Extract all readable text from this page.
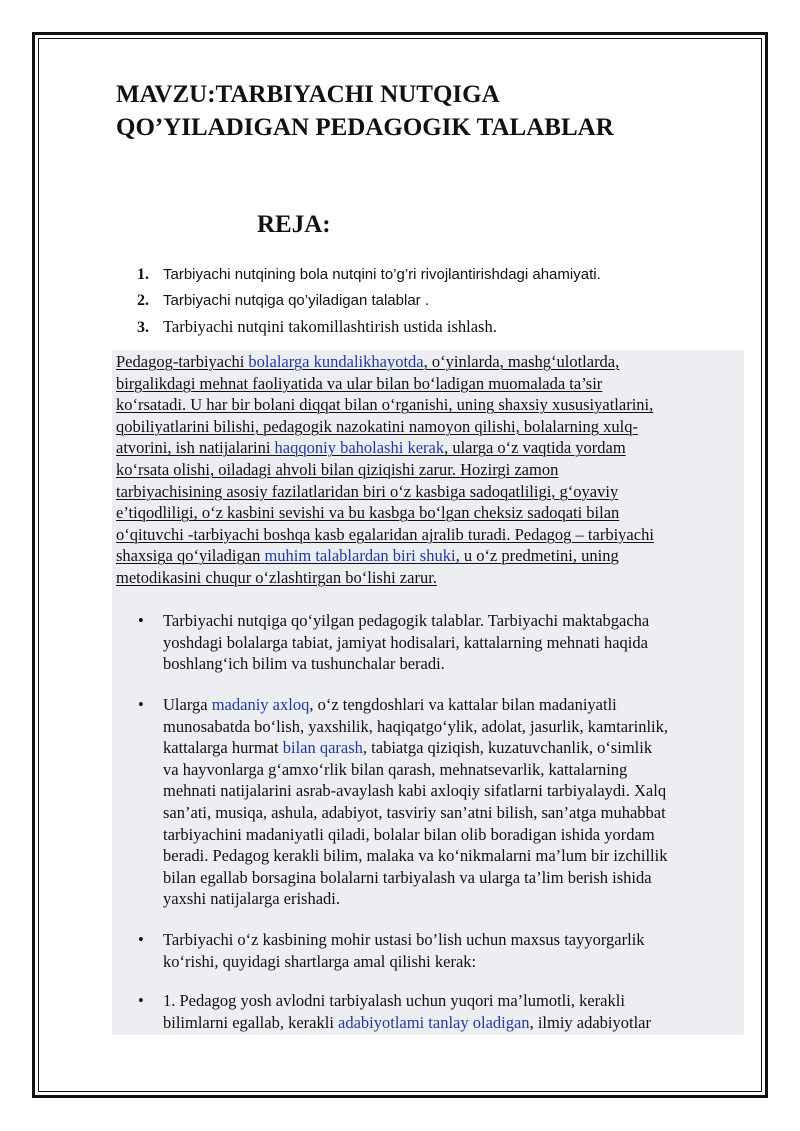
MAVZU:TARBIYACHI NUTQIGA
QO’YILADIGAN PEDAGOGIK TALABLAR
REJA:
1. Tarbiyachi nutqining bola nutqini to’g’ri rivojlantirishdagi ahamiyati.
2. Tarbiyachi nutqiga qo’yiladigan talablar .
3. Tarbiyachi nutqini takomillashtirish ustida ishlash.

Pedagog-tarbiyachi bolalarga kundalikhayotda, o‘yinlarda, mashg‘ulotlarda,
birgalikdagi mehnat faoliyatida va ular bilan bo‘ladigan muomalada ta’sir
ko‘rsatadi. U har bir bolani diqqat bilan o‘rganishi, uning shaxsiy xususiyatlarini,
qobiliyatlarini bilishi, pedagogik nazokatini namoyon qilishi, bolalarning xulq-
atvorini, ish natijalarini haqqoniy baholashi kerak, ularga o‘z vaqtida yordam
ko‘rsata olishi, oiladagi ahvoli bilan qiziqishi zarur. Hozirgi zamon
tarbiyachisining asosiy fazilatlaridan biri o‘z kasbiga sadoqatliligi, g‘oyaviy
e’tiqodliligi, o‘z kasbini sevishi va bu kasbga bo‘lgan cheksiz sadoqati bilan
o‘qituvchi -tarbiyachi boshqa kasb egalaridan ajralib turadi. Pedagog – tarbiyachi
shaxsiga qo‘yiladigan muhim talablardan biri shuki, u o‘z predmetini, uning
metodikasini chuqur o‘zlashtirgan bo‘lishi zarur.

•	Tarbiyachi nutqiga qo‘yilgan pedagogik talablar. Tarbiyachi maktabgacha
yoshdagi bolalarga tabiat, jamiyat hodisalari, kattalarning mehnati haqida
boshlang‘ich bilim va tushunchalar beradi.
•	Ularga madaniy axloq, o‘z tengdoshlari va kattalar bilan madaniyatli
munosabatda bo‘lish, yaxshilik, haqiqatgo‘ylik, adolat, jasurlik, kamtarinlik,
kattalarga hurmat bilan qarash, tabiatga qiziqish, kuzatuvchanlik, o‘simlik
va hayvonlarga g‘amxo‘rlik bilan qarash, mehnatsevarlik, kattalarning
mehnati natijalarini asrab-avaylash kabi axloqiy sifatlarni tarbiyalaydi. Xalq
san’ati, musiqa, ashula, adabiyot, tasviriy san’atni bilish, san’atga muhabbat
tarbiyachini madaniyatli qiladi, bolalar bilan olib boradigan ishida yordam
beradi. Pedagog kerakli bilim, malaka va ko‘nikmalarni ma’lum bir izchillik
bilan egallab borsagina bolalarni tarbiyalash va ularga ta’lim berish ishida
yaxshi natijalarga erishadi.
•	Tarbiyachi o‘z kasbining mohir ustasi bo’lish uchun maxsus tayyorgarlik
ko‘rishi, quyidagi shartlarga amal qilishi kerak:
•	1. Pedagog yosh avlodni tarbiyalash uchun yuqori ma’lumotli, kerakli
bilimlarni egallab, kerakli adabiyotlami tanlay oladigan, ilmiy adabiyotlar
